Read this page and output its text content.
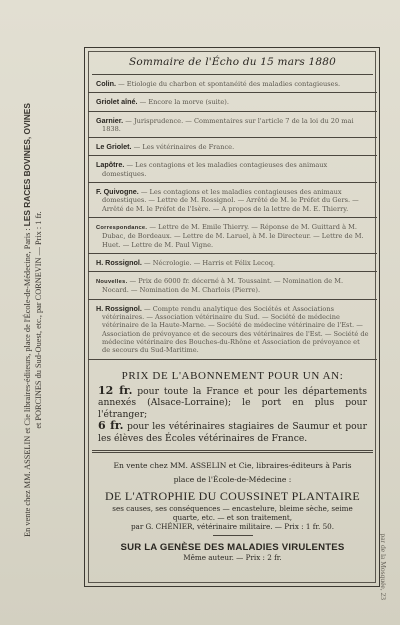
En vente chez MM. ASSELIN et Cie libraires-éditeurs, place de l'École-de-Médecine, Paris : LES RACES BOVINES, OVINES
et PORCINES du Sud-Ouest, etc., par CORNEVIN — Prix : 1 fr.
par de la Mosquée, 23
Sommaire de l'Écho du 15 mars 1880
Colin. — Etiologie du charbon et spontanéité des maladies contagieuses.
Griolet aîné. — Encore la morve (suite).
Garnier. — Jurisprudence. — Commentaires sur l'article 7 de la loi du 20 mai 1838.
Le Griolet. — Les vétérinaires de France.
Lapôtre. — Les contagions et les maladies contagieuses des animaux domestiques.
F. Quivogne. — Les contagions et les maladies contagieuses des animaux domestiques. — Lettre de M. Rossignol. — Arrêté de M. le Préfet du Gers. — Arrêté de M. le Préfet de l'Isère. — A propos de la lettre de M. E. Thierry.
Correspondance. — Lettre de M. Emile Thierry. — Réponse de M. Guittard à M. Dubac, de Bordeaux. — Lettre de M. Laruel, à M. le Directeur. — Lettre de M. Huet. — Lettre de M. Paul Vigne.
H. Rossignol. — Nécrologie. — Harris et Félix Lecoq.
Nouvelles. — Prix de 6000 fr. décerné à M. Toussaint. — Nomination de M. Nocard. — Nomination de M. Charlois (Pierre).
H. Rossignol. — Compte rendu analytique des Sociétés et Associations vétérinaires. — Association vétérinaire du Sud. — Société de médecine vétérinaire de la Haute-Marne. — Société de médecine vétérinaire de l'Est. — Association de prévoyance et de secours des vétérinaires de l'Est. — Société de médecine vétérinaire des Bouches-du-Rhône et Association de prévoyance et de secours du Sud-Maritime.
PRIX DE L'ABONNEMENT POUR UN AN:
12 fr. pour toute la France et pour les départements annexés (Alsace-Lorraine); le port en plus pour l'étranger;
6 fr. pour les vétérinaires stagiaires de Saumur et pour les élèves des Écoles vétérinaires de France.
En vente chez MM. ASSELIN et Cie, libraires-éditeurs à Paris
place de l'École-de-Médecine :
DE L'ATROPHIE DU COUSSINET PLANTAIRE
ses causes, ses conséquences — encastelure, bleime sèche, seime quarte, etc. — et son traitement,
par G. CHÉNIER, vétérinaire militaire. — Prix : 1 fr. 50.
SUR LA GENÈSE DES MALADIES VIRULENTES
Même auteur. — Prix : 2 fr.
